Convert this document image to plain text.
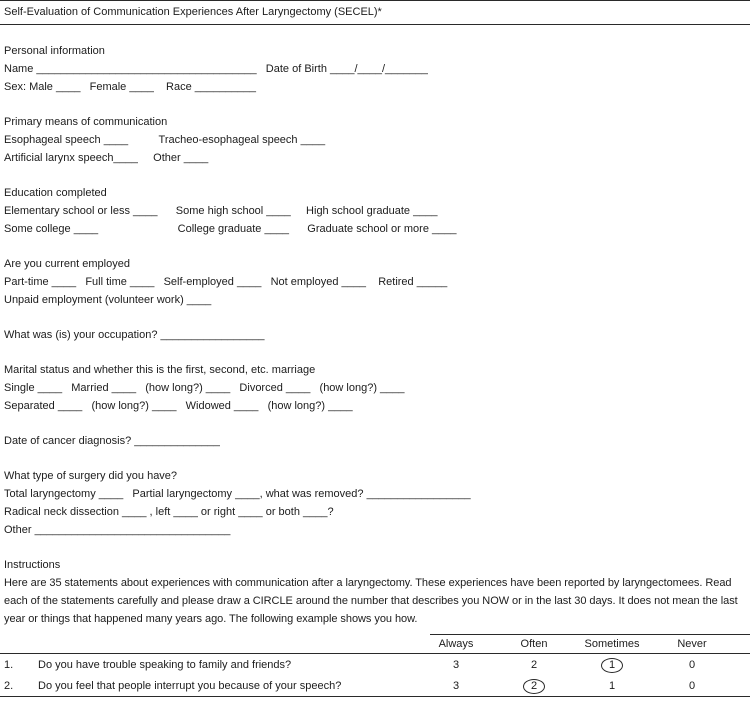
Self-Evaluation of Communication Experiences After Laryngectomy (SECEL)*
Personal information
Name ____________________________________   Date of Birth ____/____/_______
Sex: Male ____   Female ____    Race __________
Primary means of communication
Esophageal speech ____          Tracheo-esophageal speech ____
Artificial larynx speech____     Other ____
Education completed
Elementary school or less ____      Some high school ____     High school graduate ____
Some college ____                          College graduate ____      Graduate school or more ____
Are you current employed
Part-time ____   Full time ____   Self-employed ____   Not employed ____    Retired _____
Unpaid employment (volunteer work) ____
What was (is) your occupation? _________________
Marital status and whether this is the first, second, etc. marriage
Single ____   Married ____   (how long?) ____   Divorced ____   (how long?) ____
Separated ____   (how long?) ____   Widowed ____   (how long?) ____
Date of cancer diagnosis? ______________
What type of surgery did you have?
Total laryngectomy ____   Partial laryngectomy ____, what was removed? _________________
Radical neck dissection ____ , left ____ or right ____ or both ____?
Other ________________________________
Instructions
Here are 35 statements about experiences with communication after a laryngectomy. These experiences have been reported by laryngectomees. Read each of the statements carefully and please draw a CIRCLE around the number that describes you NOW or in the last 30 days. It does not mean the last year or things that happened many years ago. The following example shows you how.
Always	Often	Sometimes	Never
1.	Do you have trouble speaking to family and friends?	3	2	1	0
2.	Do you feel that people interrupt you because of your speech?	3	2	1	0
